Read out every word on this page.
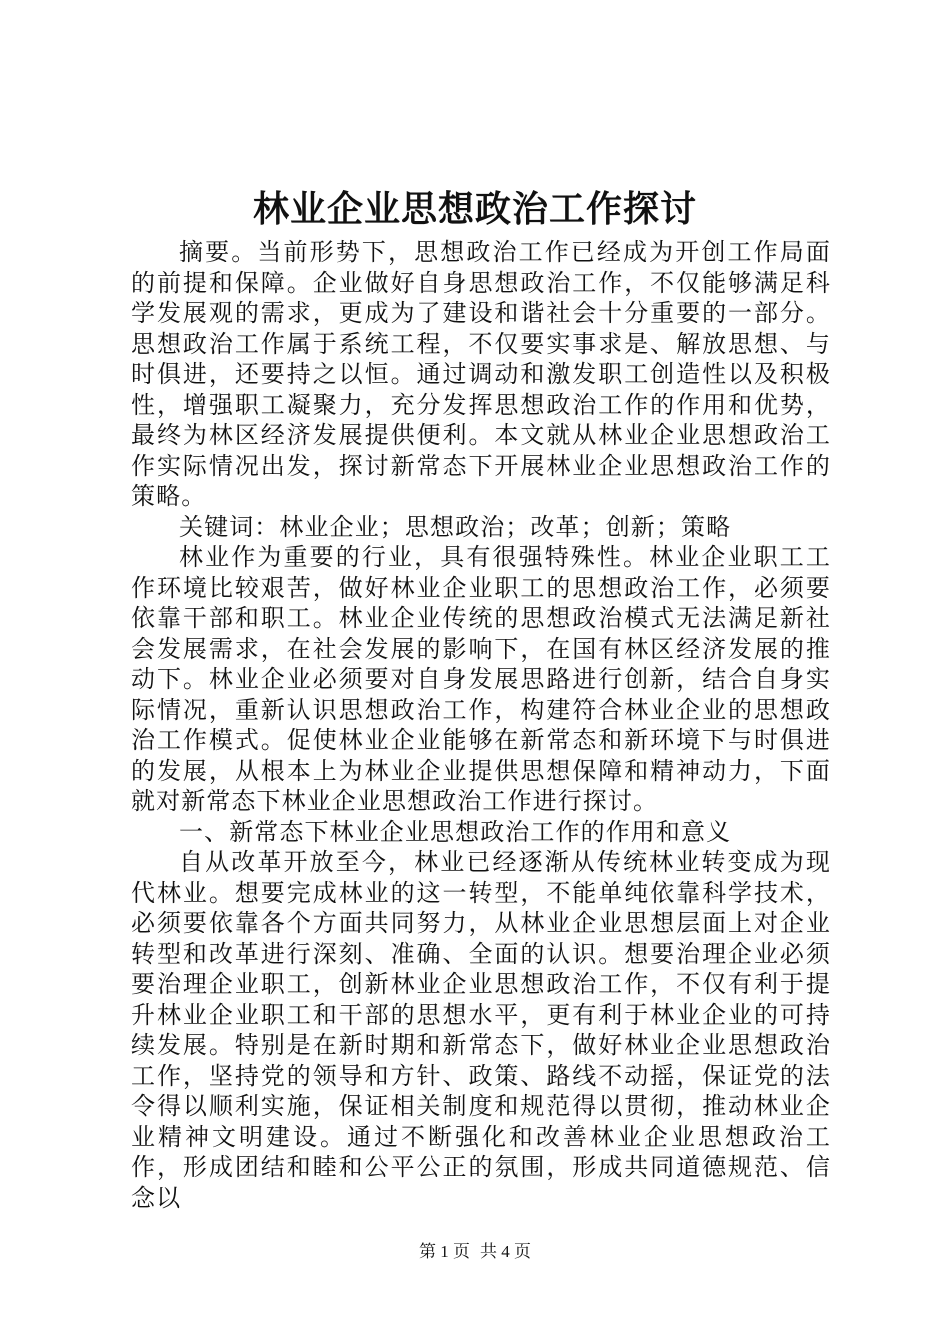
林业企业思想政治工作探讨

摘要。当前形势下，思想政治工作已经成为开创工作局面的前提和保障。企业做好自身思想政治工作，不仅能够满足科学发展观的需求，更成为了建设和谐社会十分重要的一部分。思想政治工作属于系统工程，不仅要实事求是、解放思想、与时俱进，还要持之以恒。通过调动和激发职工创造性以及积极性，增强职工凝聚力，充分发挥思想政治工作的作用和优势，最终为林区经济发展提供便利。本文就从林业企业思想政治工作实际情况出发，探讨新常态下开展林业企业思想政治工作的策略。

关键词：林业企业；思想政治；改革；创新；策略

林业作为重要的行业，具有很强特殊性。林业企业职工工作环境比较艰苦，做好林业企业职工的思想政治工作，必须要依靠干部和职工。林业企业传统的思想政治模式无法满足新社会发展需求，在社会发展的影响下，在国有林区经济发展的推动下。林业企业必须要对自身发展思路进行创新，结合自身实际情况，重新认识思想政治工作，构建符合林业企业的思想政治工作模式。促使林业企业能够在新常态和新环境下与时俱进的发展，从根本上为林业企业提供思想保障和精神动力，下面就对新常态下林业企业思想政治工作进行探讨。

一、新常态下林业企业思想政治工作的作用和意义

自从改革开放至今，林业已经逐渐从传统林业转变成为现代林业。想要完成林业的这一转型，不能单纯依靠科学技术，必须要依靠各个方面共同努力，从林业企业思想层面上对企业转型和改革进行深刻、准确、全面的认识。想要治理企业必须要治理企业职工，创新林业企业思想政治工作，不仅有利于提升林业企业职工和干部的思想水平，更有利于林业企业的可持续发展。特别是在新时期和新常态下，做好林业企业思想政治工作，坚持党的领导和方针、政策、路线不动摇，保证党的法令得以顺利实施，保证相关制度和规范得以贯彻，推动林业企业精神文明建设。通过不断强化和改善林业企业思想政治工作，形成团结和睦和公平公正的氛围，形成共同道德规范、信念以

第 1 页 共 4 页
